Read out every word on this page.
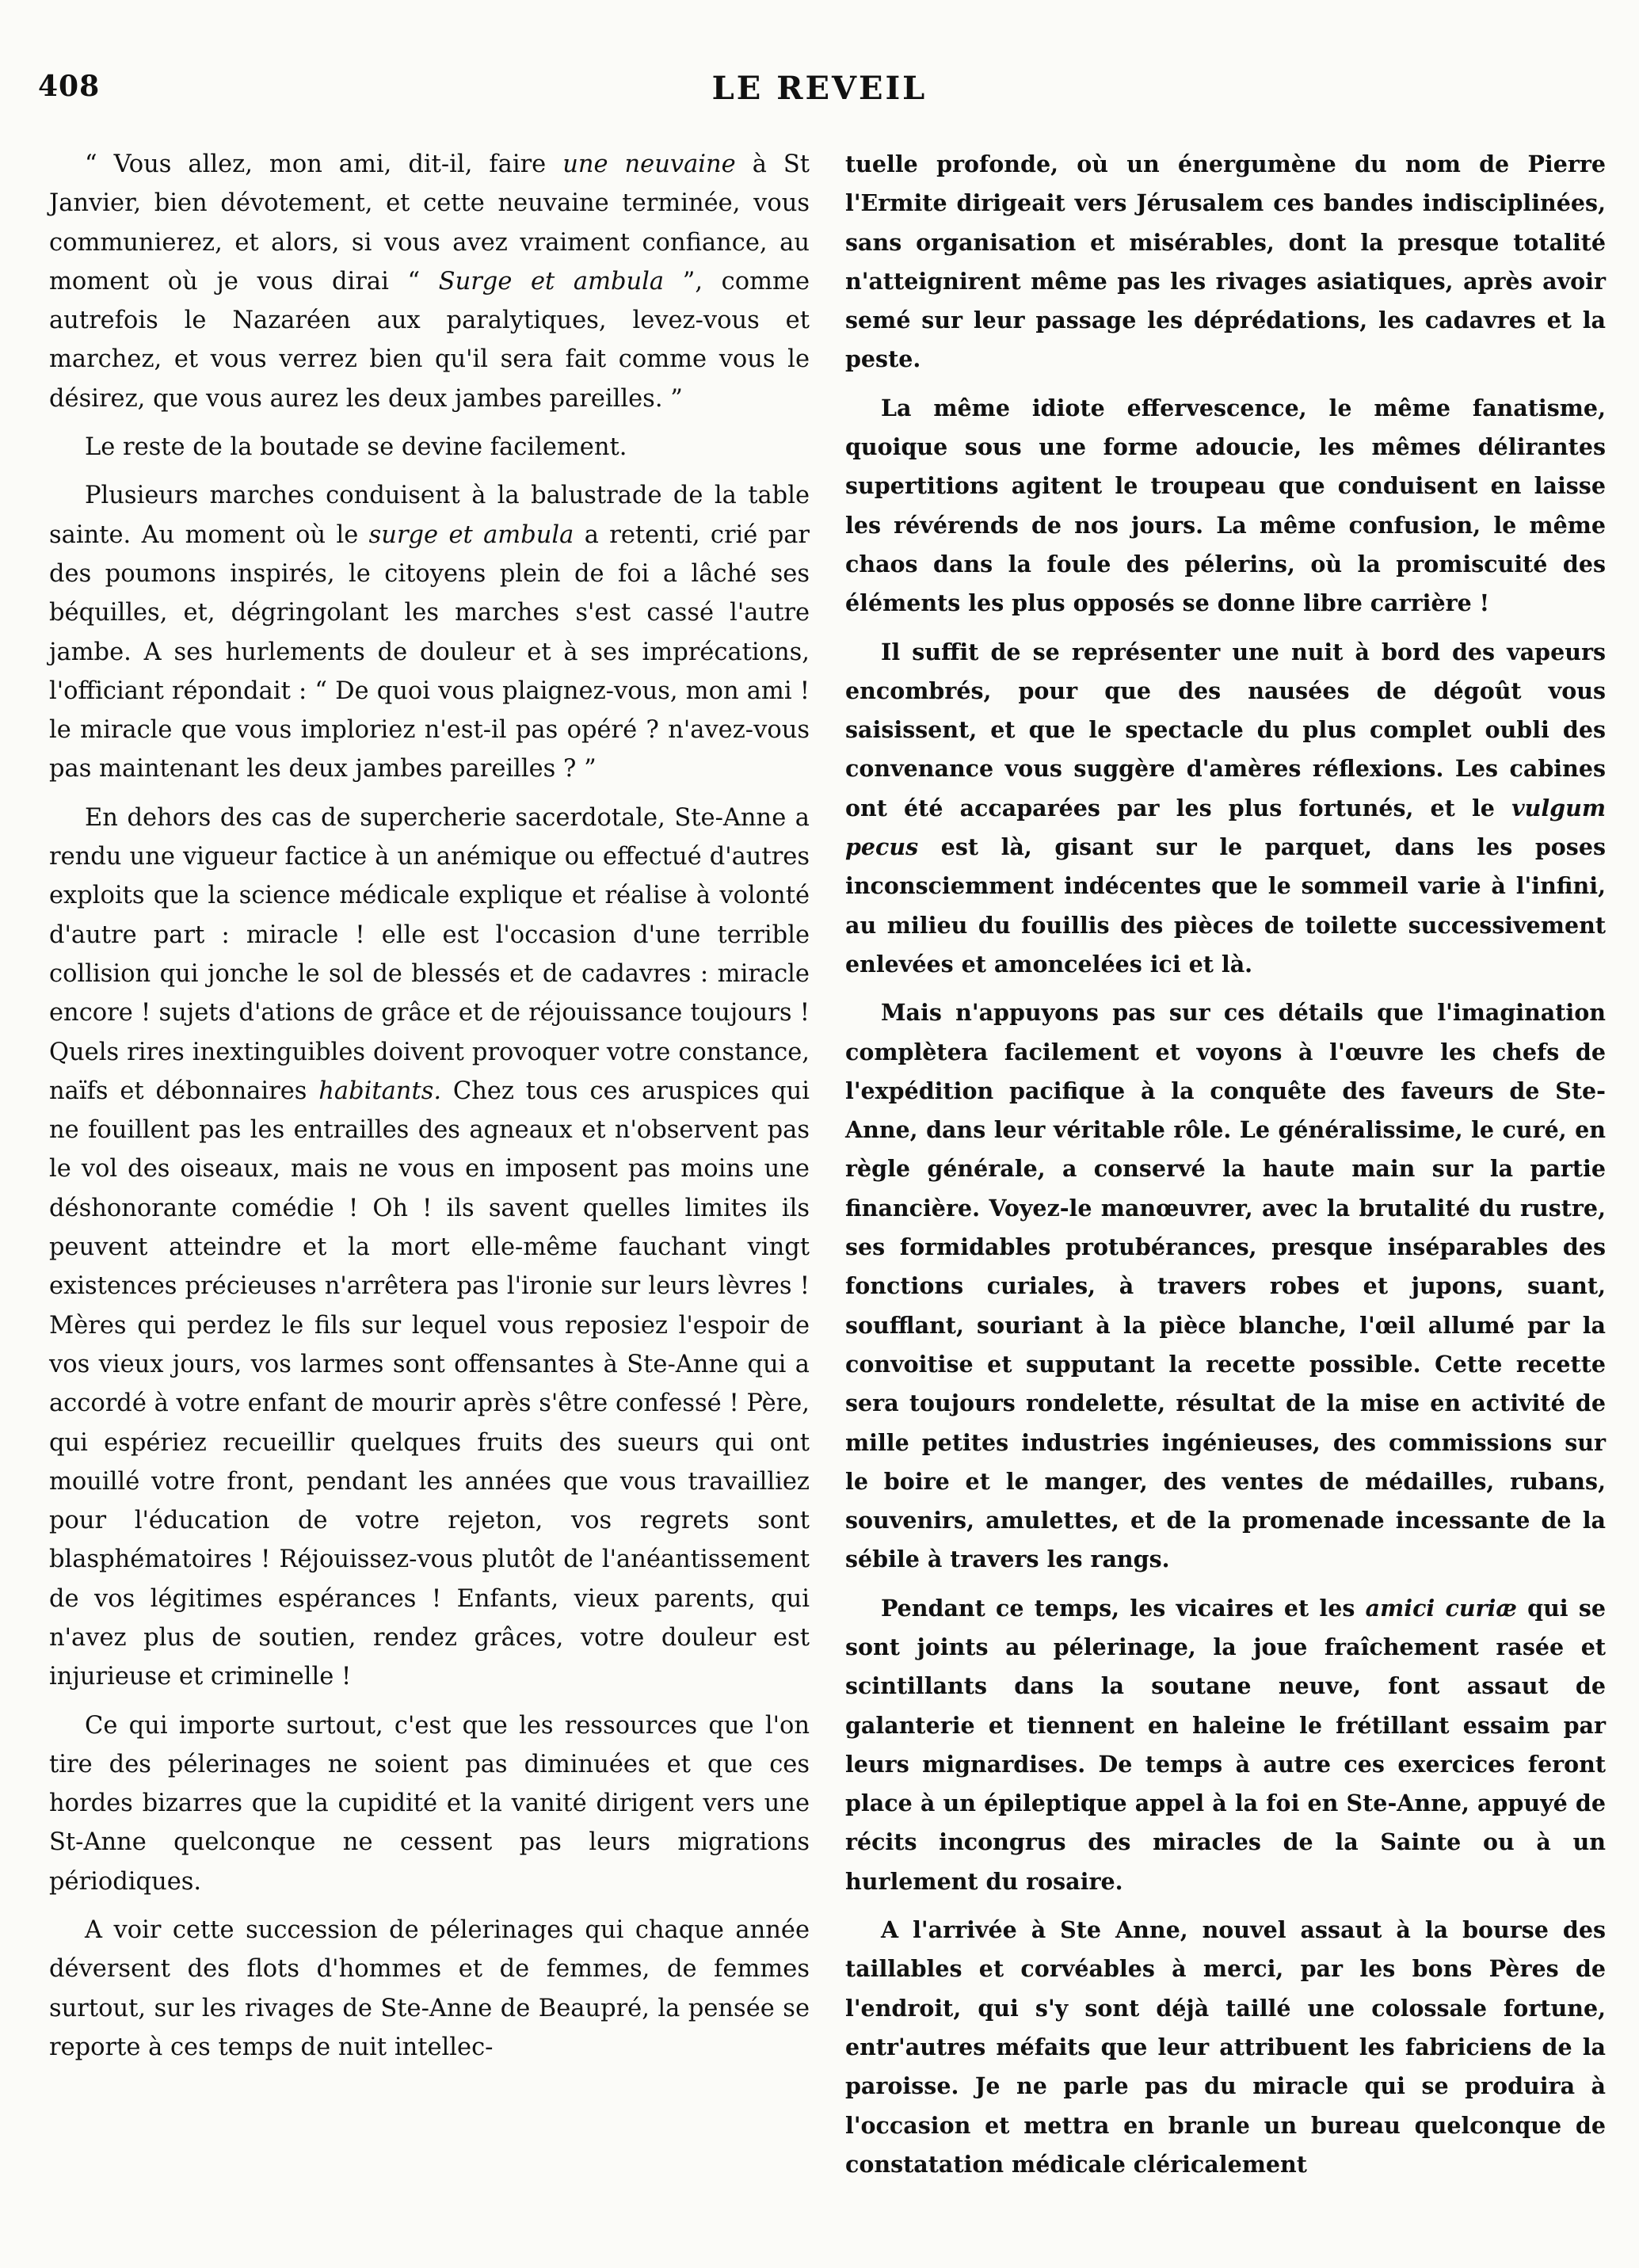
408	LE REVEIL

“ Vous allez, mon ami, dit-il, faire une neuvaine à St Janvier, bien dévotement, et cette neuvaine terminée, vous communierez, et alors, si vous avez vraiment confiance, au moment où je vous dirai “ Surge et ambula ”, comme autrefois le Nazaréen aux paralytiques, levez-vous et marchez, et vous verrez bien qu'il sera fait comme vous le désirez, que vous aurez les deux jambes pareilles. ”

Le reste de la boutade se devine facilement.

Plusieurs marches conduisent à la balustrade de la table sainte. Au moment où le surge et ambula a retenti, crié par des poumons inspirés, le citoyens plein de foi a lâché ses béquilles, et, dégringolant les marches s'est cassé l'autre jambe. A ses hurlements de douleur et à ses imprécations, l'officiant répondait : “ De quoi vous plaignez-vous, mon ami ! le miracle que vous imploriez n'est-il pas opéré ? n'avez-vous pas maintenant les deux jambes pareilles ? ”

En dehors des cas de supercherie sacerdotale, Ste-Anne a rendu une vigueur factice à un anémique ou effectué d'autres exploits que la science médicale explique et réalise à volonté d'autre part : miracle ! elle est l'occasion d'une terrible collision qui jonche le sol de blessés et de cadavres : miracle encore ! sujets d'ations de grâce et de réjouissance toujours ! Quels rires inextinguibles doivent provoquer votre constance, naïfs et débonnaires habitants. Chez tous ces aruspices qui ne fouillent pas les entrailles des agneaux et n'observent pas le vol des oiseaux, mais ne vous en imposent pas moins une déshonorante comédie ! Oh ! ils savent quelles limites ils peuvent atteindre et la mort elle-même fauchant vingt existences précieuses n'arrêtera pas l'ironie sur leurs lèvres ! Mères qui perdez le fils sur lequel vous reposiez l'espoir de vos vieux jours, vos larmes sont offensantes à Ste-Anne qui a accordé à votre enfant de mourir après s'être confessé ! Père, qui espériez recueillir quelques fruits des sueurs qui ont mouillé votre front, pendant les années que vous travailliez pour l'éducation de votre rejeton, vos regrets sont blasphématoires ! Réjouissez-vous plutôt de l'anéantissement de vos légitimes espérances ! Enfants, vieux parents, qui n'avez plus de soutien, rendez grâces, votre douleur est injurieuse et criminelle !

Ce qui importe surtout, c'est que les ressources que l'on tire des pélerinages ne soient pas diminuées et que ces hordes bizarres que la cupidité et la vanité dirigent vers une St-Anne quelconque ne cessent pas leurs migrations périodiques.

A voir cette succession de pélerinages qui chaque année déversent des flots d'hommes et de femmes, de femmes surtout, sur les rivages de Ste-Anne de Beaupré, la pensée se reporte à ces temps de nuit intellec-

tuelle profonde, où un énergumène du nom de Pierre l'Ermite dirigeait vers Jérusalem ces bandes indisciplinées, sans organisation et misérables, dont la presque totalité n'atteignirent même pas les rivages asiatiques, après avoir semé sur leur passage les déprédations, les cadavres et la peste.

La même idiote effervescence, le même fanatisme, quoique sous une forme adoucie, les mêmes délirantes supertitions agitent le troupeau que conduisent en laisse les révérends de nos jours. La même confusion, le même chaos dans la foule des pélerins, où la promiscuité des éléments les plus opposés se donne libre carrière !

Il suffit de se représenter une nuit à bord des vapeurs encombrés, pour que des nausées de dégoût vous saisissent, et que le spectacle du plus complet oubli des convenance vous suggère d'amères réflexions. Les cabines ont été accaparées par les plus fortunés, et le vulgum pecus est là, gisant sur le parquet, dans les poses inconsciemment indécentes que le sommeil varie à l'infini, au milieu du fouillis des pièces de toilette successivement enlevées et amoncelées ici et là.

Mais n'appuyons pas sur ces détails que l'imagination complètera facilement et voyons à l'œuvre les chefs de l'expédition pacifique à la conquête des faveurs de Ste-Anne, dans leur véritable rôle. Le généralissime, le curé, en règle générale, a conservé la haute main sur la partie financière. Voyez-le manœuvrer, avec la brutalité du rustre, ses formidables protubérances, presque inséparables des fonctions curiales, à travers robes et jupons, suant, soufflant, souriant à la pièce blanche, l'œil allumé par la convoitise et supputant la recette possible. Cette recette sera toujours rondelette, résultat de la mise en activité de mille petites industries ingénieuses, des commissions sur le boire et le manger, des ventes de médailles, rubans, souvenirs, amulettes, et de la promenade incessante de la sébile à travers les rangs.

Pendant ce temps, les vicaires et les amici curiæ qui se sont joints au pélerinage, la joue fraîchement rasée et scintillants dans la soutane neuve, font assaut de galanterie et tiennent en haleine le frétillant essaim par leurs mignardises. De temps à autre ces exercices feront place à un épileptique appel à la foi en Ste-Anne, appuyé de récits incongrus des miracles de la Sainte ou à un hurlement du rosaire.

A l'arrivée à Ste Anne, nouvel assaut à la bourse des taillables et corvéables à merci, par les bons Pères de l'endroit, qui s'y sont déjà taillé une colossale fortune, entr'autres méfaits que leur attribuent les fabriciens de la paroisse. Je ne parle pas du miracle qui se produira à l'occasion et mettra en branle un bureau quelconque de constatation médicale cléricalement
